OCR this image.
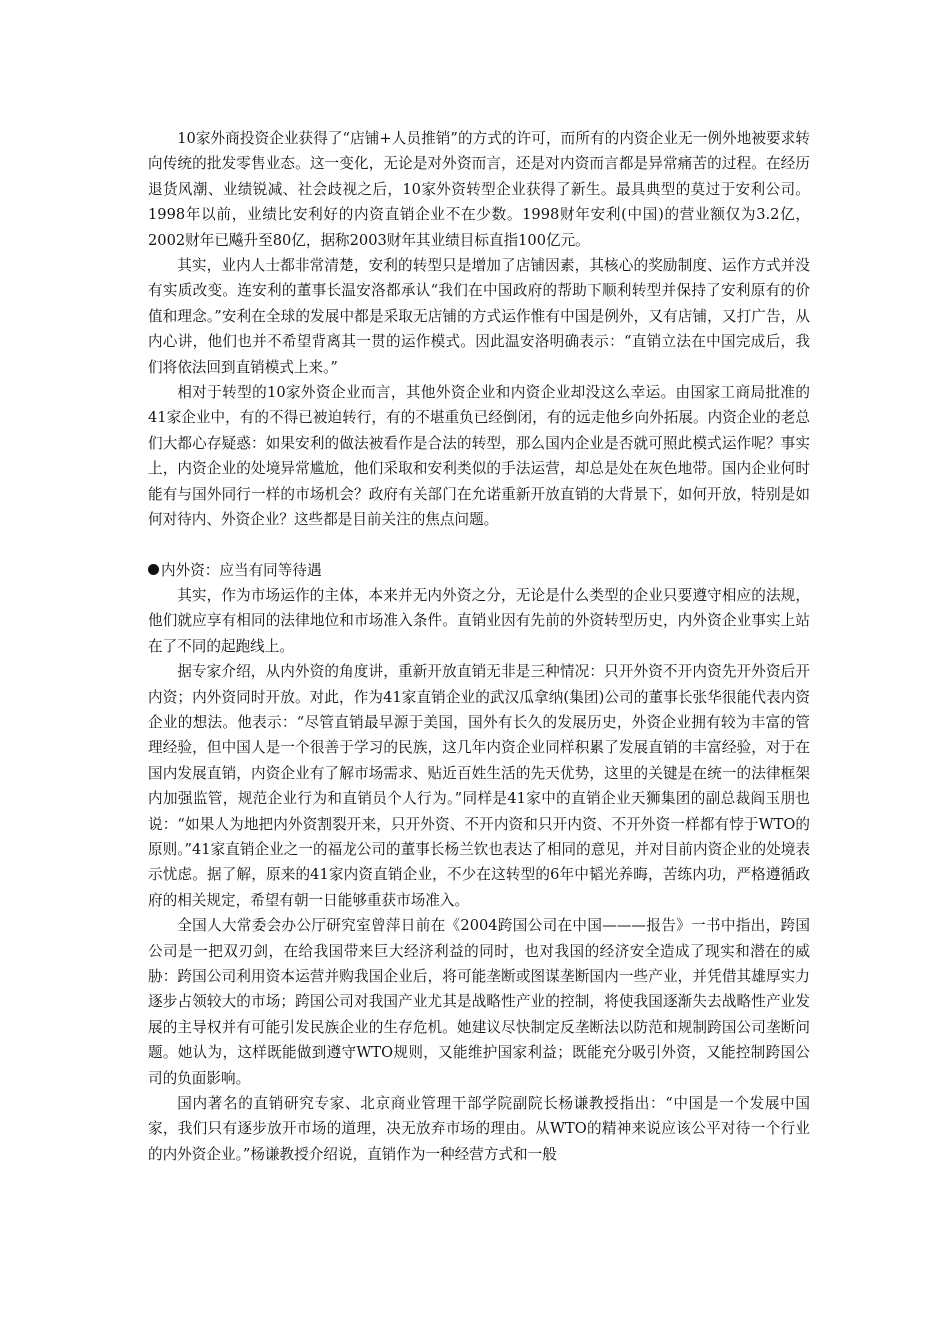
10家外商投资企业获得了“店铺+人员推销”的方式的许可，而所有的内资企业无一例外地被要求转向传统的批发零售业态。这一变化，无论是对外资而言，还是对内资而言都是异常痛苦的过程。在经历退货风潮、业绩锐减、社会歧视之后，10家外资转型企业获得了新生。最具典型的莫过于安利公司。1998年以前，业绩比安利好的内资直销企业不在少数。1998财年安利(中国)的营业额仅为3.2亿，2002财年已飚升至80亿，据称2003财年其业绩目标直指100亿元。

其实，业内人士都非常清楚，安利的转型只是增加了店铺因素，其核心的奖励制度、运作方式并没有实质改变。连安利的董事长温安洛都承认“我们在中国政府的帮助下顺利转型并保持了安利原有的价值和理念。”安利在全球的发展中都是采取无店铺的方式运作惟有中国是例外，又有店铺，又打广告，从内心讲，他们也并不希望背离其一贯的运作模式。因此温安洛明确表示：“直销立法在中国完成后，我们将依法回到直销模式上来。”

相对于转型的10家外资企业而言，其他外资企业和内资企业却没这么幸运。由国家工商局批准的41家企业中，有的不得已被迫转行，有的不堪重负已经倒闭，有的远走他乡向外拓展。内资企业的老总们大都心存疑惑：如果安利的做法被看作是合法的转型，那么国内企业是否就可照此模式运作呢？事实上，内资企业的处境异常尴尬，他们采取和安利类似的手法运营，却总是处在灰色地带。国内企业何时能有与国外同行一样的市场机会？政府有关部门在允诺重新开放直销的大背景下，如何开放，特别是如何对待内、外资企业？这些都是目前关注的焦点问题。

内外资：应当有同等待遇

其实，作为市场运作的主体，本来并无内外资之分，无论是什么类型的企业只要遵守相应的法规，他们就应享有相同的法律地位和市场准入条件。直销业因有先前的外资转型历史，内外资企业事实上站在了不同的起跑线上。

据专家介绍，从内外资的角度讲，重新开放直销无非是三种情况：只开外资不开内资先开外资后开内资；内外资同时开放。对此，作为41家直销企业的武汉瓜拿纳(集团)公司的董事长张华很能代表内资企业的想法。他表示：“尽管直销最早源于美国，国外有长久的发展历史，外资企业拥有较为丰富的管理经验，但中国人是一个很善于学习的民族，这几年内资企业同样积累了发展直销的丰富经验，对于在国内发展直销，内资企业有了解市场需求、贴近百姓生活的先天优势，这里的关键是在统一的法律框架内加强监管，规范企业行为和直销员个人行为。”同样是41家中的直销企业天狮集团的副总裁阎玉朋也说：“如果人为地把内外资割裂开来，只开外资、不开内资和只开内资、不开外资一样都有悖于WTO的原则。”41家直销企业之一的福龙公司的董事长杨兰钦也表达了相同的意见，并对目前内资企业的处境表示忧虑。据了解，原来的41家内资直销企业，不少在这转型的6年中韬光养晦，苦练内功，严格遵循政府的相关规定，希望有朝一日能够重获市场准入。

全国人大常委会办公厅研究室曾萍日前在《2004跨国公司在中国———报告》一书中指出，跨国公司是一把双刃剑，在给我国带来巨大经济利益的同时，也对我国的经济安全造成了现实和潜在的威胁：跨国公司利用资本运营并购我国企业后，将可能垄断或图谋垄断国内一些产业，并凭借其雄厚实力逐步占领较大的市场；跨国公司对我国产业尤其是战略性产业的控制，将使我国逐渐失去战略性产业发展的主导权并有可能引发民族企业的生存危机。她建议尽快制定反垄断法以防范和规制跨国公司垄断问题。她认为，这样既能做到遵守WTO规则，又能维护国家利益；既能充分吸引外资，又能控制跨国公司的负面影响。

国内著名的直销研究专家、北京商业管理干部学院副院长杨谦教授指出：“中国是一个发展中国家，我们只有逐步放开市场的道理，决无放弃市场的理由。从WTO的精神来说应该公平对待一个行业的内外资企业。”杨谦教授介绍说，直销作为一种经营方式和一般
